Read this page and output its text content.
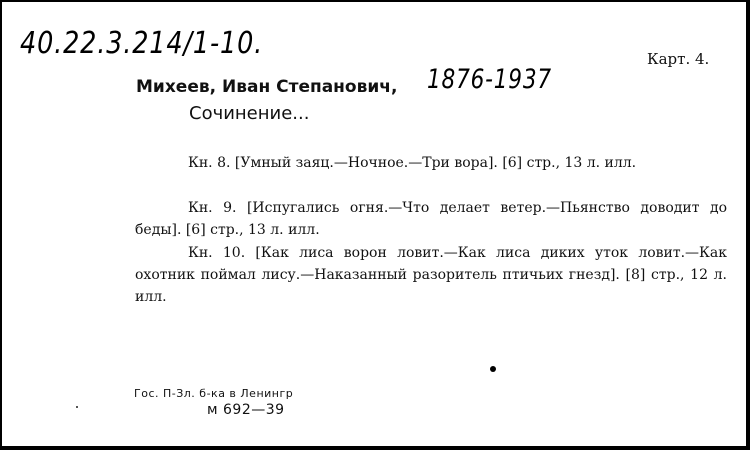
40.22.3.214/1-10.	Карт. 4.
Михеев, Иван Степанович, 1876-1937
Сочинение...
Кн. 8. [Умный заяц.—Ночное.—Три вора]. [6] стр., 13 л. илл.
Кн. 9. [Испугались огня.—Что делает ветер.—Пьянство доводит до беды]. [6] стр., 13 л. илл.
Кн. 10. [Как лиса ворон ловит.—Как лиса диких уток ловит.—Как охотник поймал лису.—Наказанный разоритель птичьих гнезд]. [8] стр., 12 л. илл.
Гос. П-Зл. б-ка в Ленингр
м 692—39
